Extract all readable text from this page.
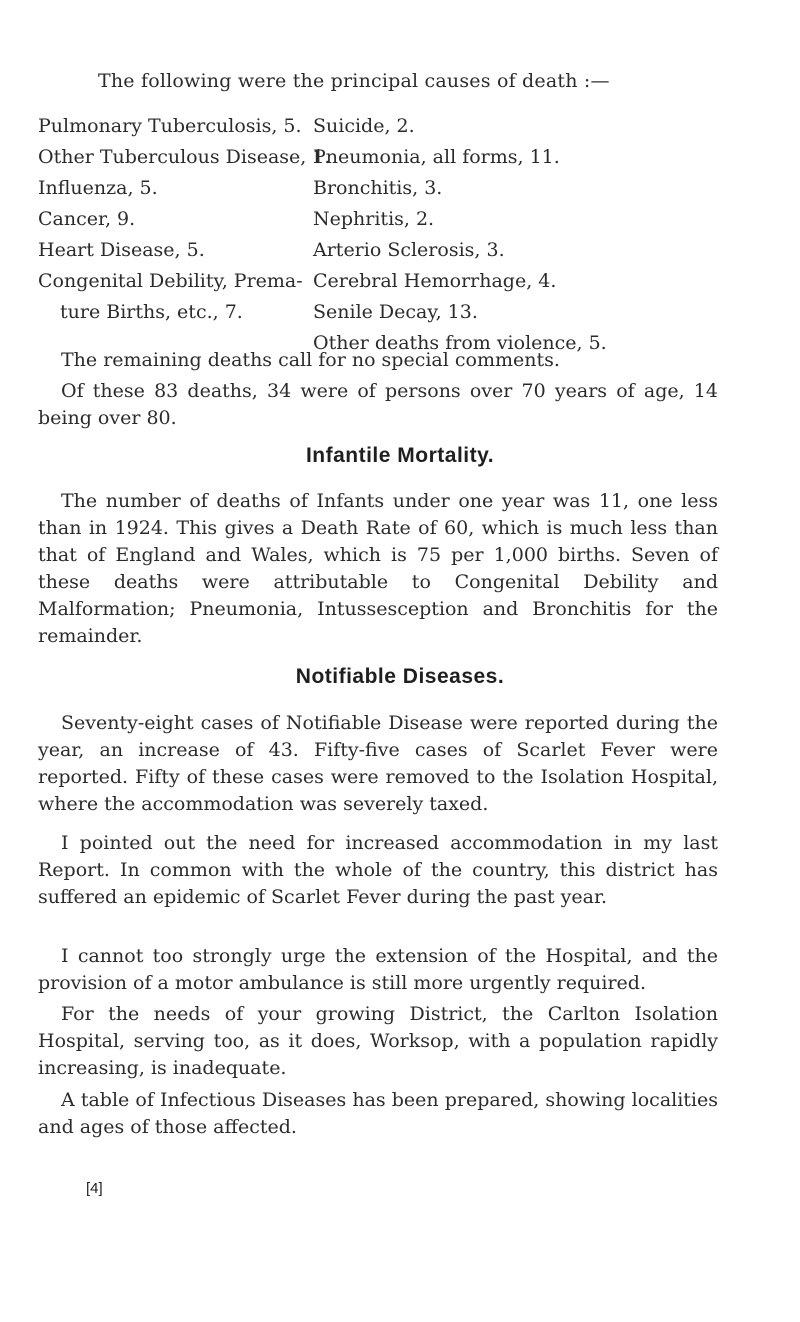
The following were the principal causes of death :—
Pulmonary Tuberculosis, 5.
Other Tuberculous Disease, 1.
Influenza, 5.
Cancer, 9.
Heart Disease, 5.
Congenital Debility, Prema-
ture Births, etc., 7.
Suicide, 2.
Pneumonia, all forms, 11.
Bronchitis, 3.
Nephritis, 2.
Arterio Sclerosis, 3.
Cerebral Hemorrhage, 4.
Senile Decay, 13.
Other deaths from violence, 5.
The remaining deaths call for no special comments.
Of these 83 deaths, 34 were of persons over 70 years of age, 14 being over 80.
Infantile Mortality.
The number of deaths of Infants under one year was 11, one less than in 1924. This gives a Death Rate of 60, which is much less than that of England and Wales, which is 75 per 1,000 births. Seven of these deaths were attributable to Congenital Debility and Malformation; Pneumonia, Intussesception and Bronchitis for the remainder.
Notifiable Diseases.
Seventy-eight cases of Notifiable Disease were reported during the year, an increase of 43. Fifty-five cases of Scarlet Fever were reported. Fifty of these cases were removed to the Isolation Hospital, where the accommodation was severely taxed.
I pointed out the need for increased accommodation in my last Report. In common with the whole of the country, this district has suffered an epidemic of Scarlet Fever during the past year.
I cannot too strongly urge the extension of the Hospital, and the provision of a motor ambulance is still more urgently required.
For the needs of your growing District, the Carlton Isolation Hospital, serving too, as it does, Worksop, with a population rapidly increasing, is inadequate.
A table of Infectious Diseases has been prepared, showing localities and ages of those affected.
[4]
